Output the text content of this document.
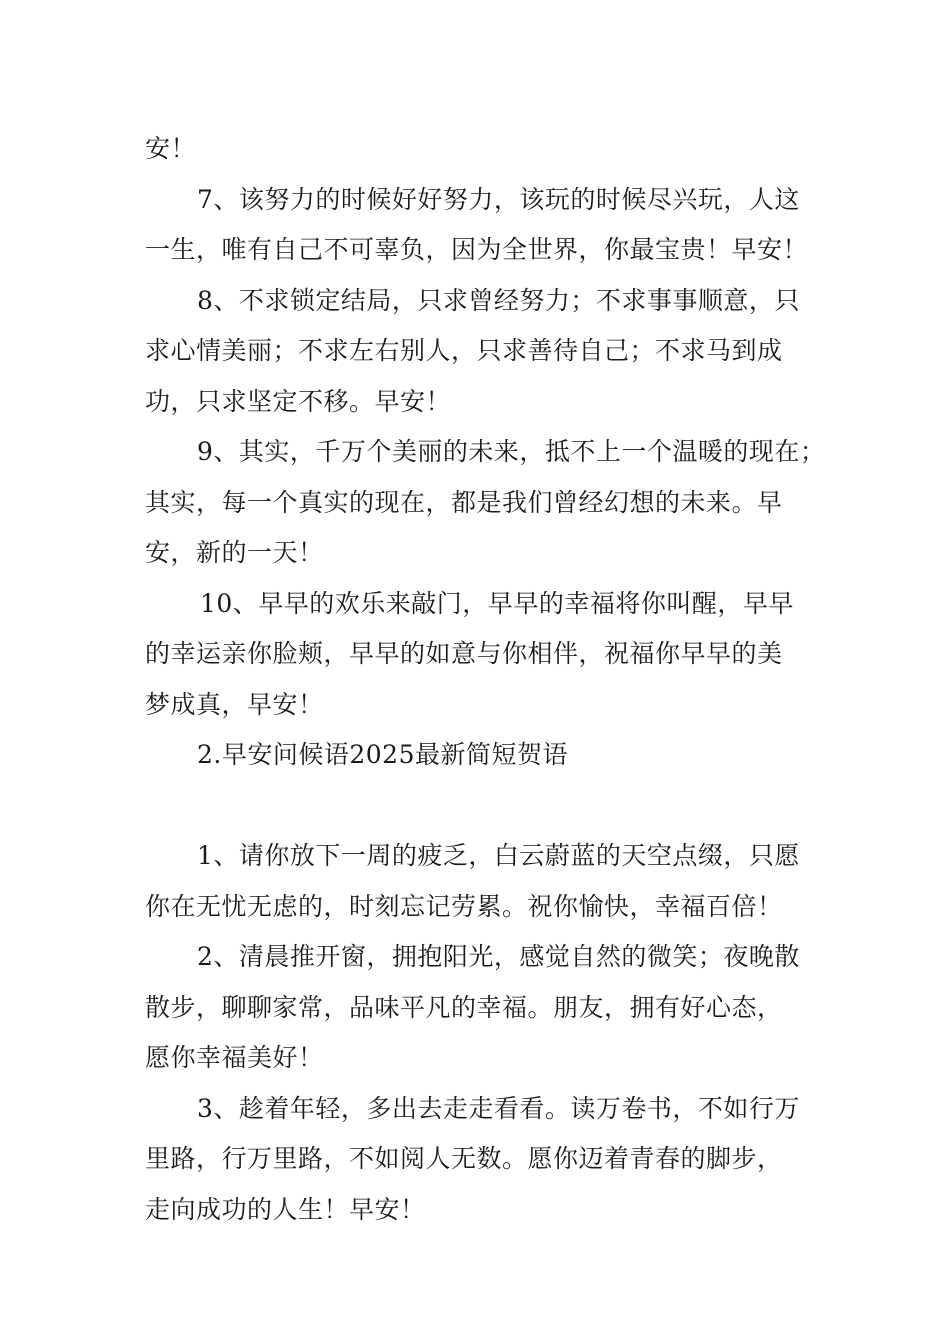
安！
7、该努力的时候好好努力，该玩的时候尽兴玩，人这
一生，唯有自己不可辜负，因为全世界，你最宝贵！早安！
8、不求锁定结局，只求曾经努力；不求事事顺意，只
求心情美丽；不求左右别人，只求善待自己；不求马到成
功，只求坚定不移。早安！
9、其实，千万个美丽的未来，抵不上一个温暖的现在；
其实，每一个真实的现在，都是我们曾经幻想的未来。早
安，新的一天！
10、早早的欢乐来敲门，早早的幸福将你叫醒，早早
的幸运亲你脸颊，早早的如意与你相伴，祝福你早早的美
梦成真，早安！
2.早安问候语2025最新简短贺语
1、请你放下一周的疲乏，白云蔚蓝的天空点缀，只愿
你在无忧无虑的，时刻忘记劳累。祝你愉快，幸福百倍！
2、清晨推开窗，拥抱阳光，感觉自然的微笑；夜晚散
散步，聊聊家常，品味平凡的幸福。朋友，拥有好心态，
愿你幸福美好！
3、趁着年轻，多出去走走看看。读万卷书，不如行万
里路，行万里路，不如阅人无数。愿你迈着青春的脚步，
走向成功的人生！早安！
